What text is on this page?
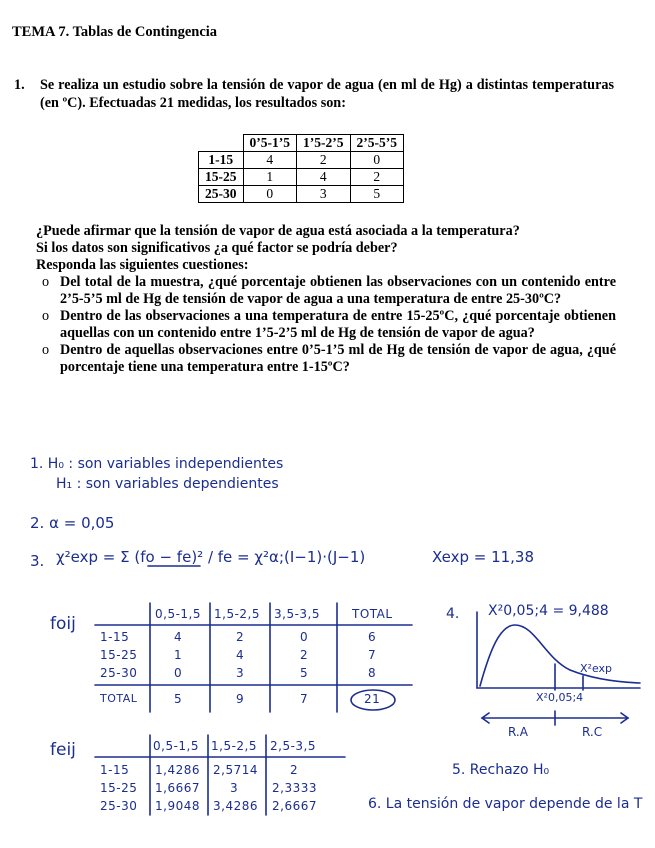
TEMA 7. Tablas de Contingencia
1. Se realiza un estudio sobre la tensión de vapor de agua (en ml de Hg) a distintas temperaturas (en ºC). Efectuadas 21 medidas, los resultados son:
	0’5-1’5	1’5-2’5	2’5-5’5
1-15	4	2	0
15-25	1	4	2
25-30	0	3	5
¿Puede afirmar que la tensión de vapor de agua está asociada a la temperatura?
Si los datos son significativos ¿a qué factor se podría deber?
Responda las siguientes cuestiones:
o Del total de la muestra, ¿qué porcentaje obtienen las observaciones con un contenido entre 2’5-5’5 ml de Hg de tensión de vapor de agua a una temperatura de entre 25-30ºC?
o Dentro de las observaciones a una temperatura de entre 15-25ºC, ¿qué porcentaje obtienen aquellas con un contenido entre 1’5-2’5 ml de Hg de tensión de vapor de agua?
o Dentro de aquellas observaciones entre 0’5-1’5 ml de Hg de tensión de vapor de agua, ¿qué porcentaje tiene una temperatura entre 1-15ºC?
1. H₀ : son variables independientes
H₁ : son variables dependientes
2. α = 0,05
3. χ²exp = Σ (fo − fe)² / fe = χ²α;(I−1)·(J−1)	Xexp = 11,38
4. X²0,05;4 = 9,488
foij	0,5-1,5 1,5-2,5 3,5-3,5	TOTAL
1-15	4	2	0	6
15-25	1	4	2	7
25-30	0	3	5	8
TOTAL	5	9	7	21
feij	0,5-1,5 1,5-2,5 2,5-3,5
1-15 1,4286 2,5714	2
15-25 1,6667	3	2,3333
25-30 1,9048 3,4286 2,6667
X²0,05;4
X²exp
R.A	R.C
5. Rechazo H₀
6. La tensión de vapor depende de la T
